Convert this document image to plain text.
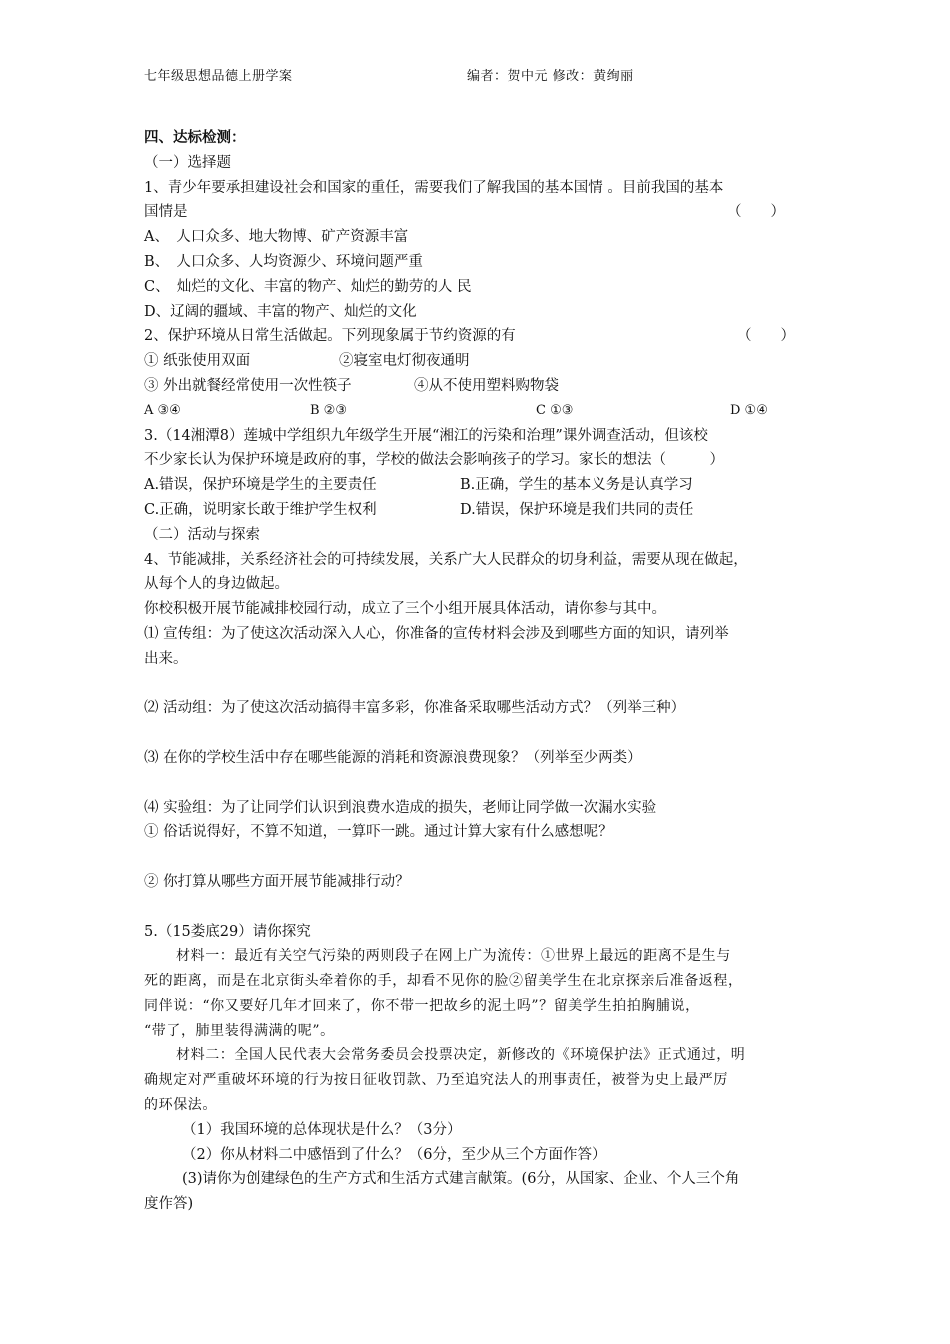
七年级思想品德上册学案	编者：贺中元 修改：黄绚丽
四、达标检测：
（一）选择题
1、青少年要承担建设社会和国家的重任，需要我们了解我国的基本国情 。目前我国的基本
国情是	（　　）
A、　人口众多、地大物博、矿产资源丰富
B、　人口众多、人均资源少、环境问题严重
C、　灿烂的文化、丰富的物产、灿烂的勤劳的人 民
D、辽阔的疆域、丰富的物产、灿烂的文化
2、保护环境从日常生活做起。下列现象属于节约资源的有	（　　）
① 纸张使用双面	②寝室电灯彻夜通明
③ 外出就餐经常使用一次性筷子	④从不使用塑料购物袋
A ③④	B ②③	C ①③	D ①④
3.（14湘潭8）莲城中学组织九年级学生开展“湘江的污染和治理”课外调查活动，但该校
不少家长认为保护环境是政府的事，学校的做法会影响孩子的学习。家长的想法（　　　）
A.错误，保护环境是学生的主要责任	B.正确，学生的基本义务是认真学习
C.正确，说明家长敢于维护学生权利	D.错误，保护环境是我们共同的责任
（二）活动与探索
4、节能减排，关系经济社会的可持续发展，关系广大人民群众的切身利益，需要从现在做起，
从每个人的身边做起。
你校积极开展节能减排校园行动，成立了三个小组开展具体活动，请你参与其中。
⑴ 宣传组：为了使这次活动深入人心，你准备的宣传材料会涉及到哪些方面的知识，请列举
出来。
⑵ 活动组：为了使这次活动搞得丰富多彩，你准备采取哪些活动方式？（列举三种）
⑶ 在你的学校生活中存在哪些能源的消耗和资源浪费现象？（列举至少两类）
⑷ 实验组：为了让同学们认识到浪费水造成的损失，老师让同学做一次漏水实验
① 俗话说得好，不算不知道，一算吓一跳。通过计算大家有什么感想呢？
② 你打算从哪些方面开展节能减排行动？
5.（15娄底29）请你探究
材料一：最近有关空气污染的两则段子在网上广为流传：①世界上最远的距离不是生与
死的距离，而是在北京街头牵着你的手，却看不见你的脸②留美学生在北京探亲后准备返程，
同伴说：“你又要好几年才回来了，你不带一把故乡的泥土吗”？留美学生拍拍胸脯说，
“带了，肺里装得满满的呢”。
材料二：全国人民代表大会常务委员会投票决定，新修改的《环境保护法》正式通过，明
确规定对严重破坏环境的行为按日征收罚款、乃至追究法人的刑事责任，被誉为史上最严厉
的环保法。
（1）我国环境的总体现状是什么？（3分）
（2）你从材料二中感悟到了什么？（6分，至少从三个方面作答）
(3)请你为创建绿色的生产方式和生活方式建言献策。(6分，从国家、企业、个人三个角
度作答)
